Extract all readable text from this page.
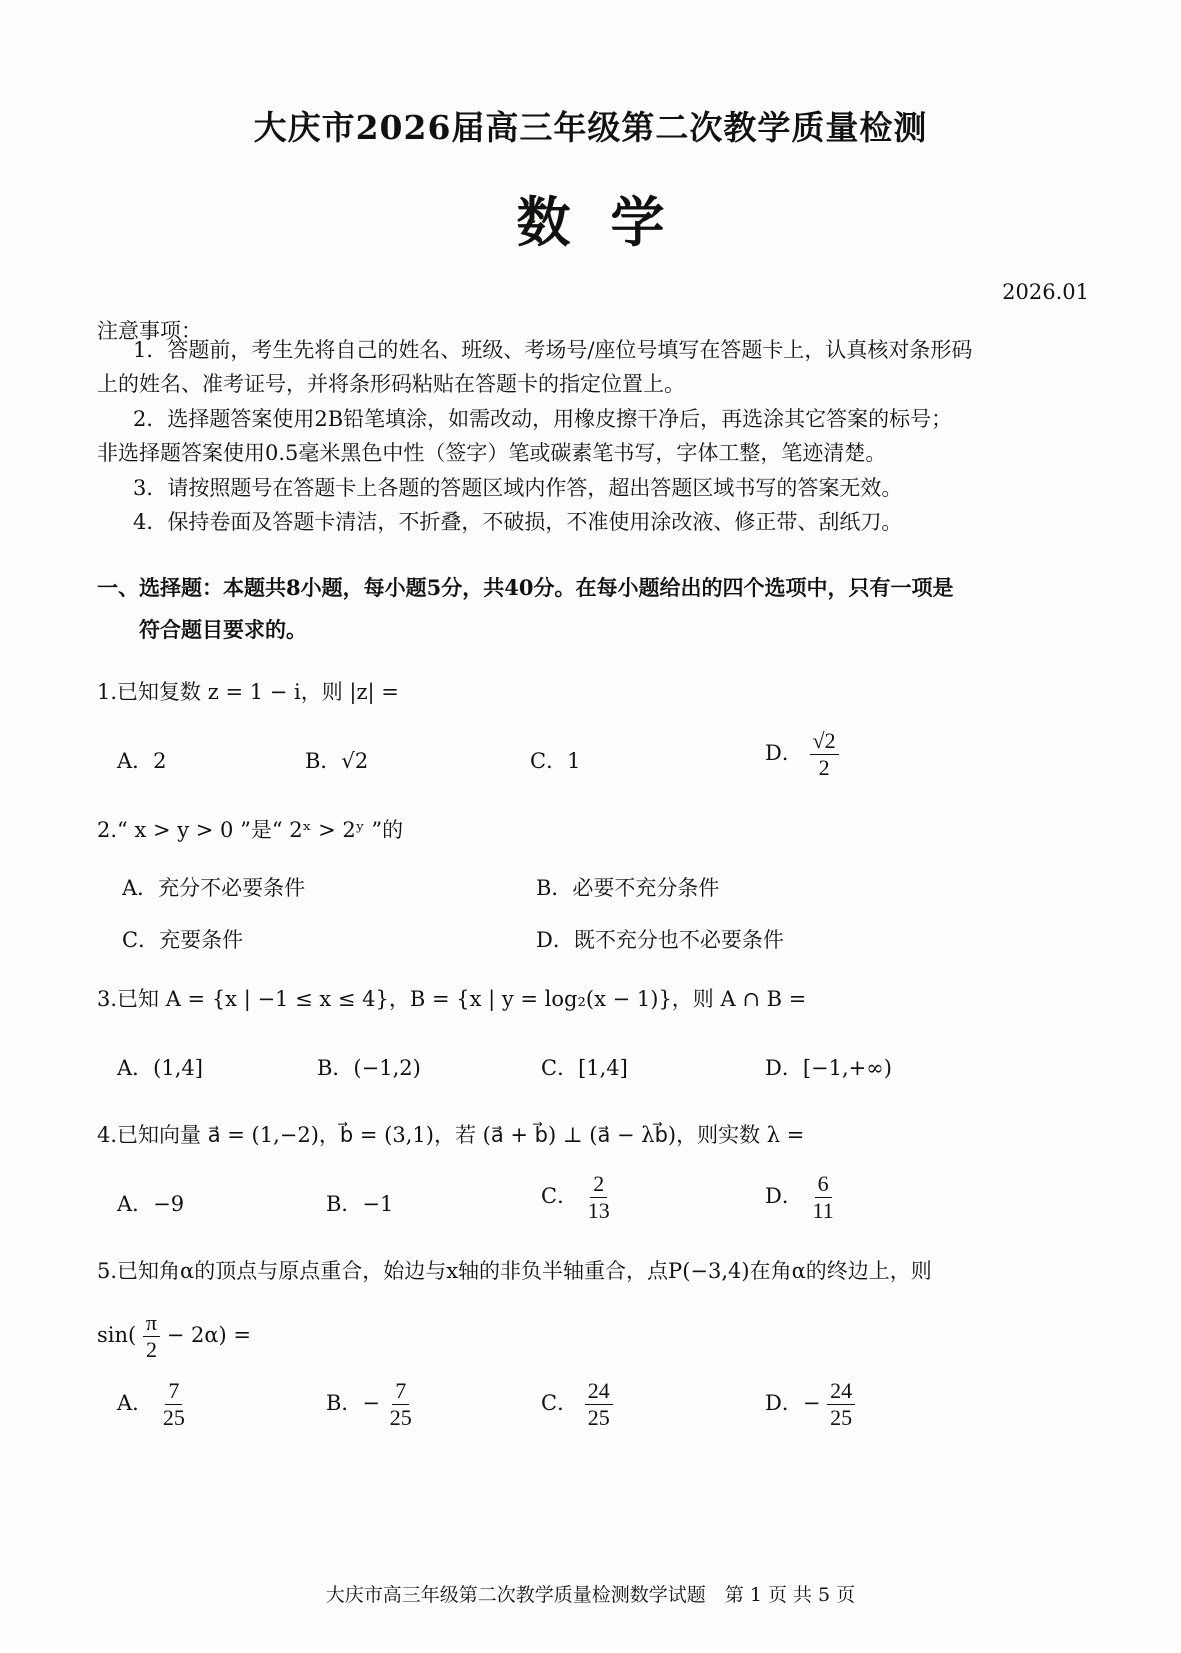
大庆市2026届高三年级第二次教学质量检测
数学
2026.01
注意事项：
1．答题前，考生先将自己的姓名、班级、考场号/座位号填写在答题卡上，认真核对条形码
上的姓名、准考证号，并将条形码粘贴在答题卡的指定位置上。
2．选择题答案使用2B铅笔填涂，如需改动，用橡皮擦干净后，再选涂其它答案的标号；
非选择题答案使用0.5毫米黑色中性（签字）笔或碳素笔书写，字体工整，笔迹清楚。
3．请按照题号在答题卡上各题的答题区域内作答，超出答题区域书写的答案无效。
4．保持卷面及答题卡清洁，不折叠，不破损，不准使用涂改液、修正带、刮纸刀。
一、选择题：本题共8小题，每小题5分，共40分。在每小题给出的四个选项中，只有一项是
符合题目要求的。
1.已知复数 z = 1 − i，则 |z| =
A．2	B．√2	C．1	D． $\frac{√2}{2}$
2.“ x > y > 0 ”是“ 2ˣ > 2ʸ ”的
A．充分不必要条件	B．必要不充分条件
C．充要条件	D．既不充分也不必要条件
3.已知 A = {x | −1 ≤ x ≤ 4}，B = {x | y = log₂(x − 1)}，则 A ∩ B =
A．(1,4]	B．(−1,2)	C．[1,4]	D．[−1,+∞)
4.已知向量 a⃗ = (1,−2)，b⃗ = (3,1)，若 (a⃗ + b⃗) ⊥ (a⃗ − λb⃗)，则实数 λ =
A．−9	B．−1	C． $\frac{2}{13}$	D． $\frac{6}{11}$
5.已知角α的顶点与原点重合，始边与x轴的非负半轴重合，点P(−3,4)在角α的终边上，则
$\sin( \frac{\pi}{2} - 2\alpha)$ =
A． $\frac{7}{25}$	B．− $\frac{7}{25}$	C． $\frac{24}{25}$	D．− $\frac{24}{25}$
大庆市高三年级第二次教学质量检测数学试题　第 1 页 共 5 页
